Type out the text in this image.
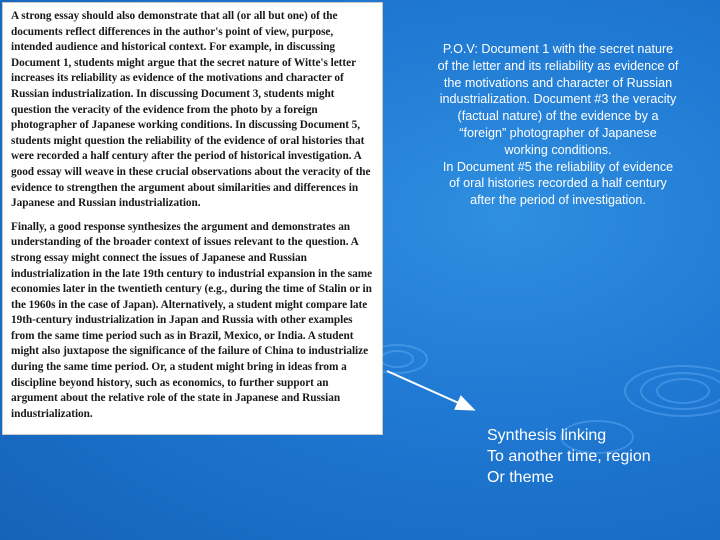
A strong essay should also demonstrate that all (or all but one) of the documents reflect differences in the author's point of view, purpose, intended audience and historical context. For example, in discussing Document 1, students might argue that the secret nature of Witte's letter increases its reliability as evidence of the motivations and character of Russian industrialization. In discussing Document 3, students might question the veracity of the evidence from the photo by a foreign photographer of Japanese working conditions. In discussing Document 5, students might question the reliability of the evidence of oral histories that were recorded a half century after the period of historical investigation. A good essay will weave in these crucial observations about the veracity of the evidence to strengthen the argument about similarities and differences in Japanese and Russian industrialization.

Finally, a good response synthesizes the argument and demonstrates an understanding of the broader context of issues relevant to the question. A strong essay might connect the issues of Japanese and Russian industrialization in the late 19th century to industrial expansion in the same economies later in the twentieth century (e.g., during the time of Stalin or in the 1960s in the case of Japan). Alternatively, a student might compare late 19th-century industrialization in Japan and Russia with other examples from the same time period such as in Brazil, Mexico, or India. A student might also juxtapose the significance of the failure of China to industrialize during the same time period. Or, a student might bring in ideas from a discipline beyond history, such as economics, to further support an argument about the relative role of the state in Japanese and Russian industrialization.

P.O.V: Document 1 with the secret nature of the letter and its reliability as evidence of the motivations and character of Russian industrialization. Document #3 the veracity (factual nature) of the evidence by a “foreign” photographer of Japanese working conditions.

In Document #5 the reliability of evidence of oral histories recorded a half century after the period of investigation.

Synthesis linking
To another time, region
Or theme
